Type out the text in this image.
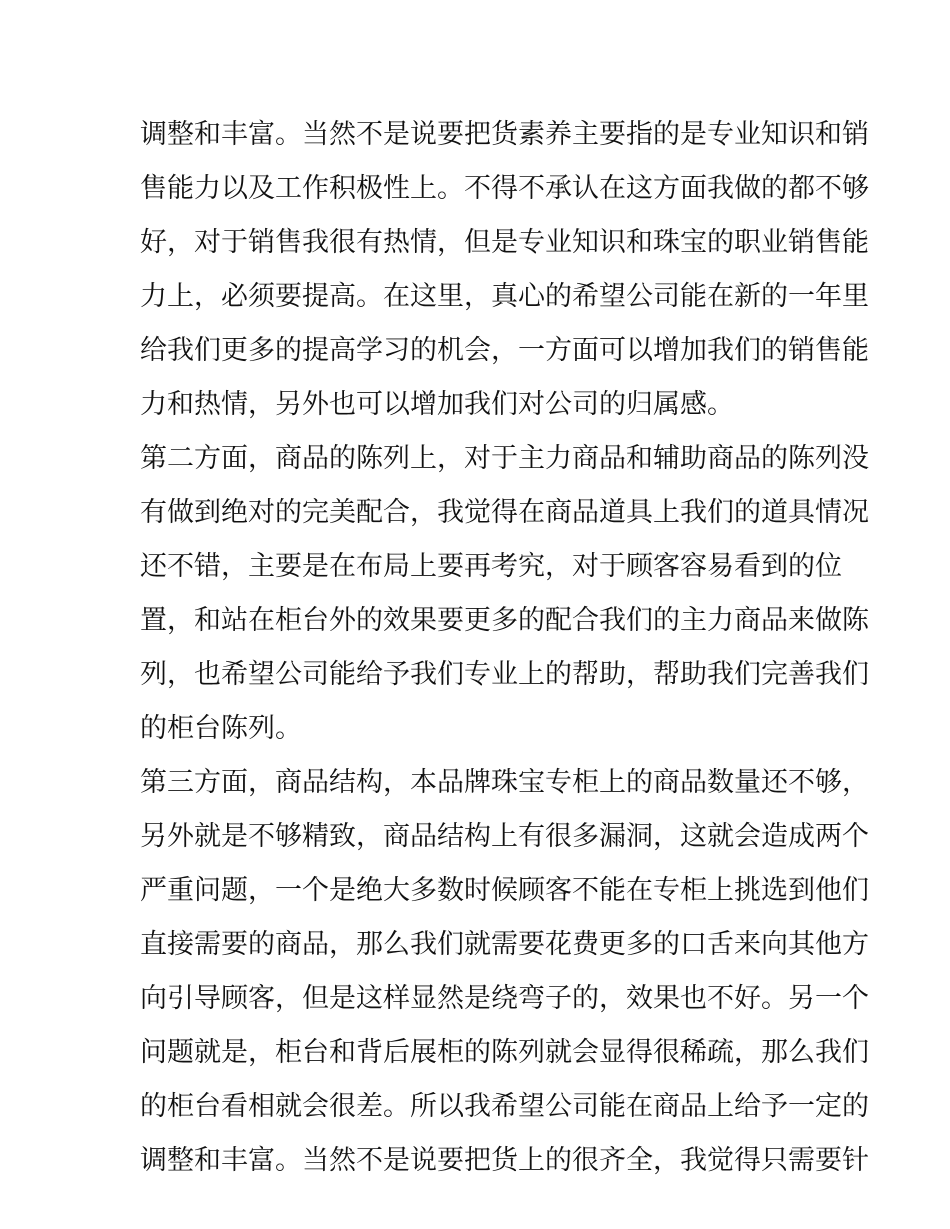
调整和丰富。当然不是说要把货素养主要指的是专业知识和销
售能力以及工作积极性上。不得不承认在这方面我做的都不够
好，对于销售我很有热情，但是专业知识和珠宝的职业销售能
力上，必须要提高。在这里，真心的希望公司能在新的一年里
给我们更多的提高学习的机会，一方面可以增加我们的销售能
力和热情，另外也可以增加我们对公司的归属感。
第二方面，商品的陈列上，对于主力商品和辅助商品的陈列没
有做到绝对的完美配合，我觉得在商品道具上我们的道具情况
还不错，主要是在布局上要再考究，对于顾客容易看到的位
置，和站在柜台外的效果要更多的配合我们的主力商品来做陈
列，也希望公司能给予我们专业上的帮助，帮助我们完善我们
的柜台陈列。
第三方面，商品结构，本品牌珠宝专柜上的商品数量还不够，
另外就是不够精致，商品结构上有很多漏洞，这就会造成两个
严重问题，一个是绝大多数时候顾客不能在专柜上挑选到他们
直接需要的商品，那么我们就需要花费更多的口舌来向其他方
向引导顾客，但是这样显然是绕弯子的，效果也不好。另一个
问题就是，柜台和背后展柜的陈列就会显得很稀疏，那么我们
的柜台看相就会很差。所以我希望公司能在商品上给予一定的
调整和丰富。当然不是说要把货上的很齐全，我觉得只需要针
